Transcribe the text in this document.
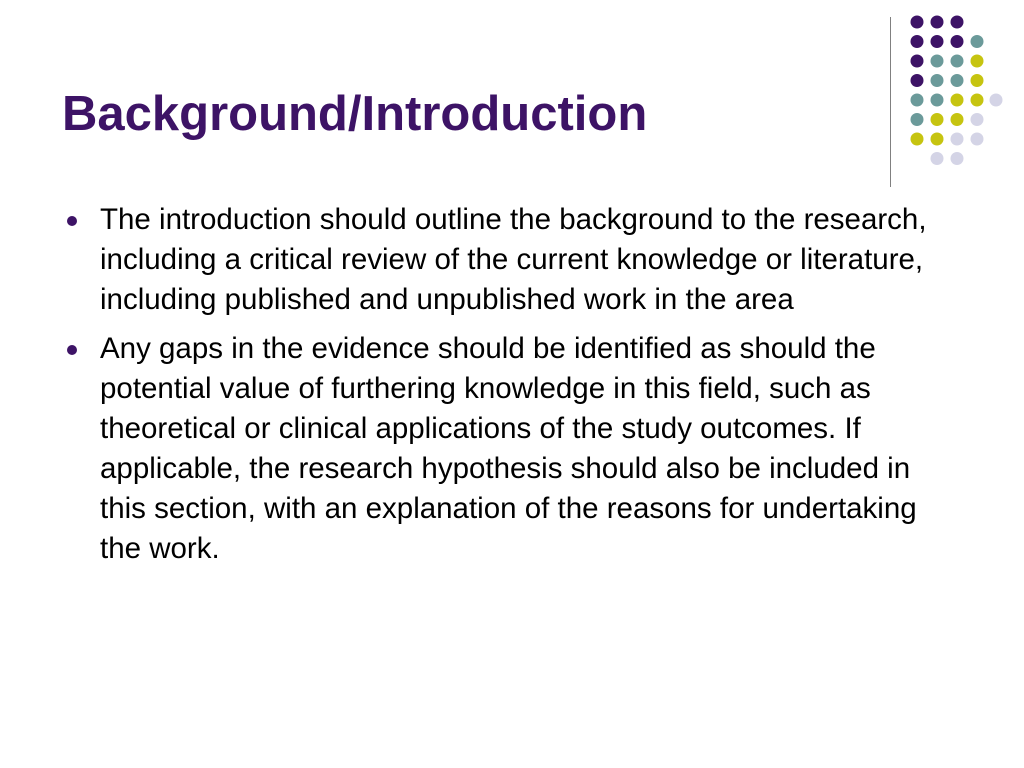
Background/Introduction
The introduction should outline the background to the research, including a critical review of the current knowledge or literature, including published and unpublished work in the area
Any gaps in the evidence should be identified as should the potential value of furthering knowledge in this field, such as theoretical or clinical applications of the study outcomes. If applicable, the research hypothesis should also be included in this section, with an explanation of the reasons for undertaking the work.
